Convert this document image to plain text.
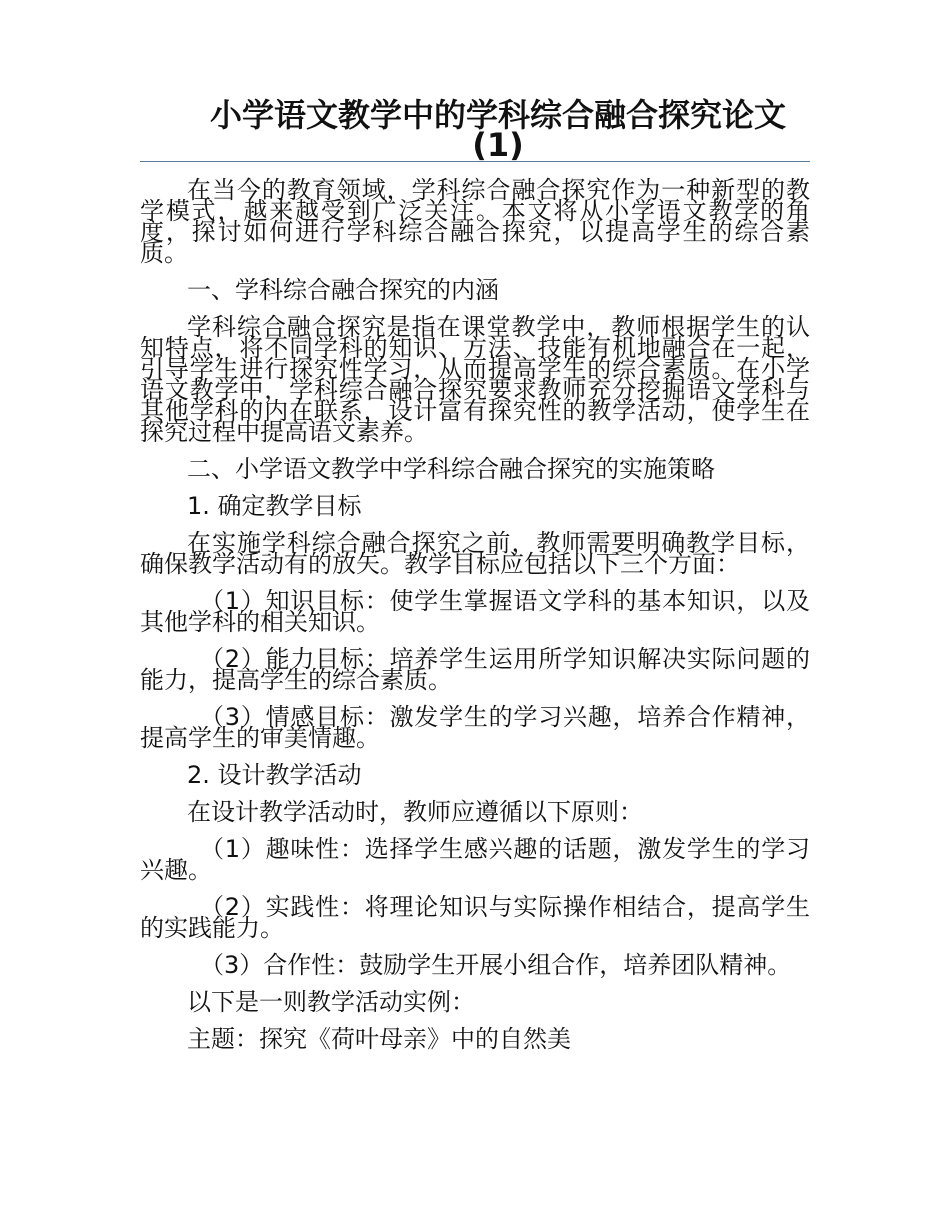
小学语文教学中的学科综合融合探究论文(1)

在当今的教育领域，学科综合融合探究作为一种新型的教学模式，越来越受到广泛关注。本文将从小学语文教学的角度，探讨如何进行学科综合融合探究，以提高学生的综合素质。

一、学科综合融合探究的内涵

学科综合融合探究是指在课堂教学中，教师根据学生的认知特点，将不同学科的知识、方法、技能有机地融合在一起，引导学生进行探究性学习，从而提高学生的综合素质。在小学语文教学中，学科综合融合探究要求教师充分挖掘语文学科与其他学科的内在联系，设计富有探究性的教学活动，使学生在探究过程中提高语文素养。

二、小学语文教学中学科综合融合探究的实施策略

1. 确定教学目标

在实施学科综合融合探究之前，教师需要明确教学目标，确保教学活动有的放矢。教学目标应包括以下三个方面：

（1）知识目标：使学生掌握语文学科的基本知识，以及其他学科的相关知识。

（2）能力目标：培养学生运用所学知识解决实际问题的能力，提高学生的综合素质。

（3）情感目标：激发学生的学习兴趣，培养合作精神，提高学生的审美情趣。

2. 设计教学活动

在设计教学活动时，教师应遵循以下原则：

（1）趣味性：选择学生感兴趣的话题，激发学生的学习兴趣。

（2）实践性：将理论知识与实际操作相结合，提高学生的实践能力。

（3）合作性：鼓励学生开展小组合作，培养团队精神。

以下是一则教学活动实例：

主题：探究《荷叶母亲》中的自然美
